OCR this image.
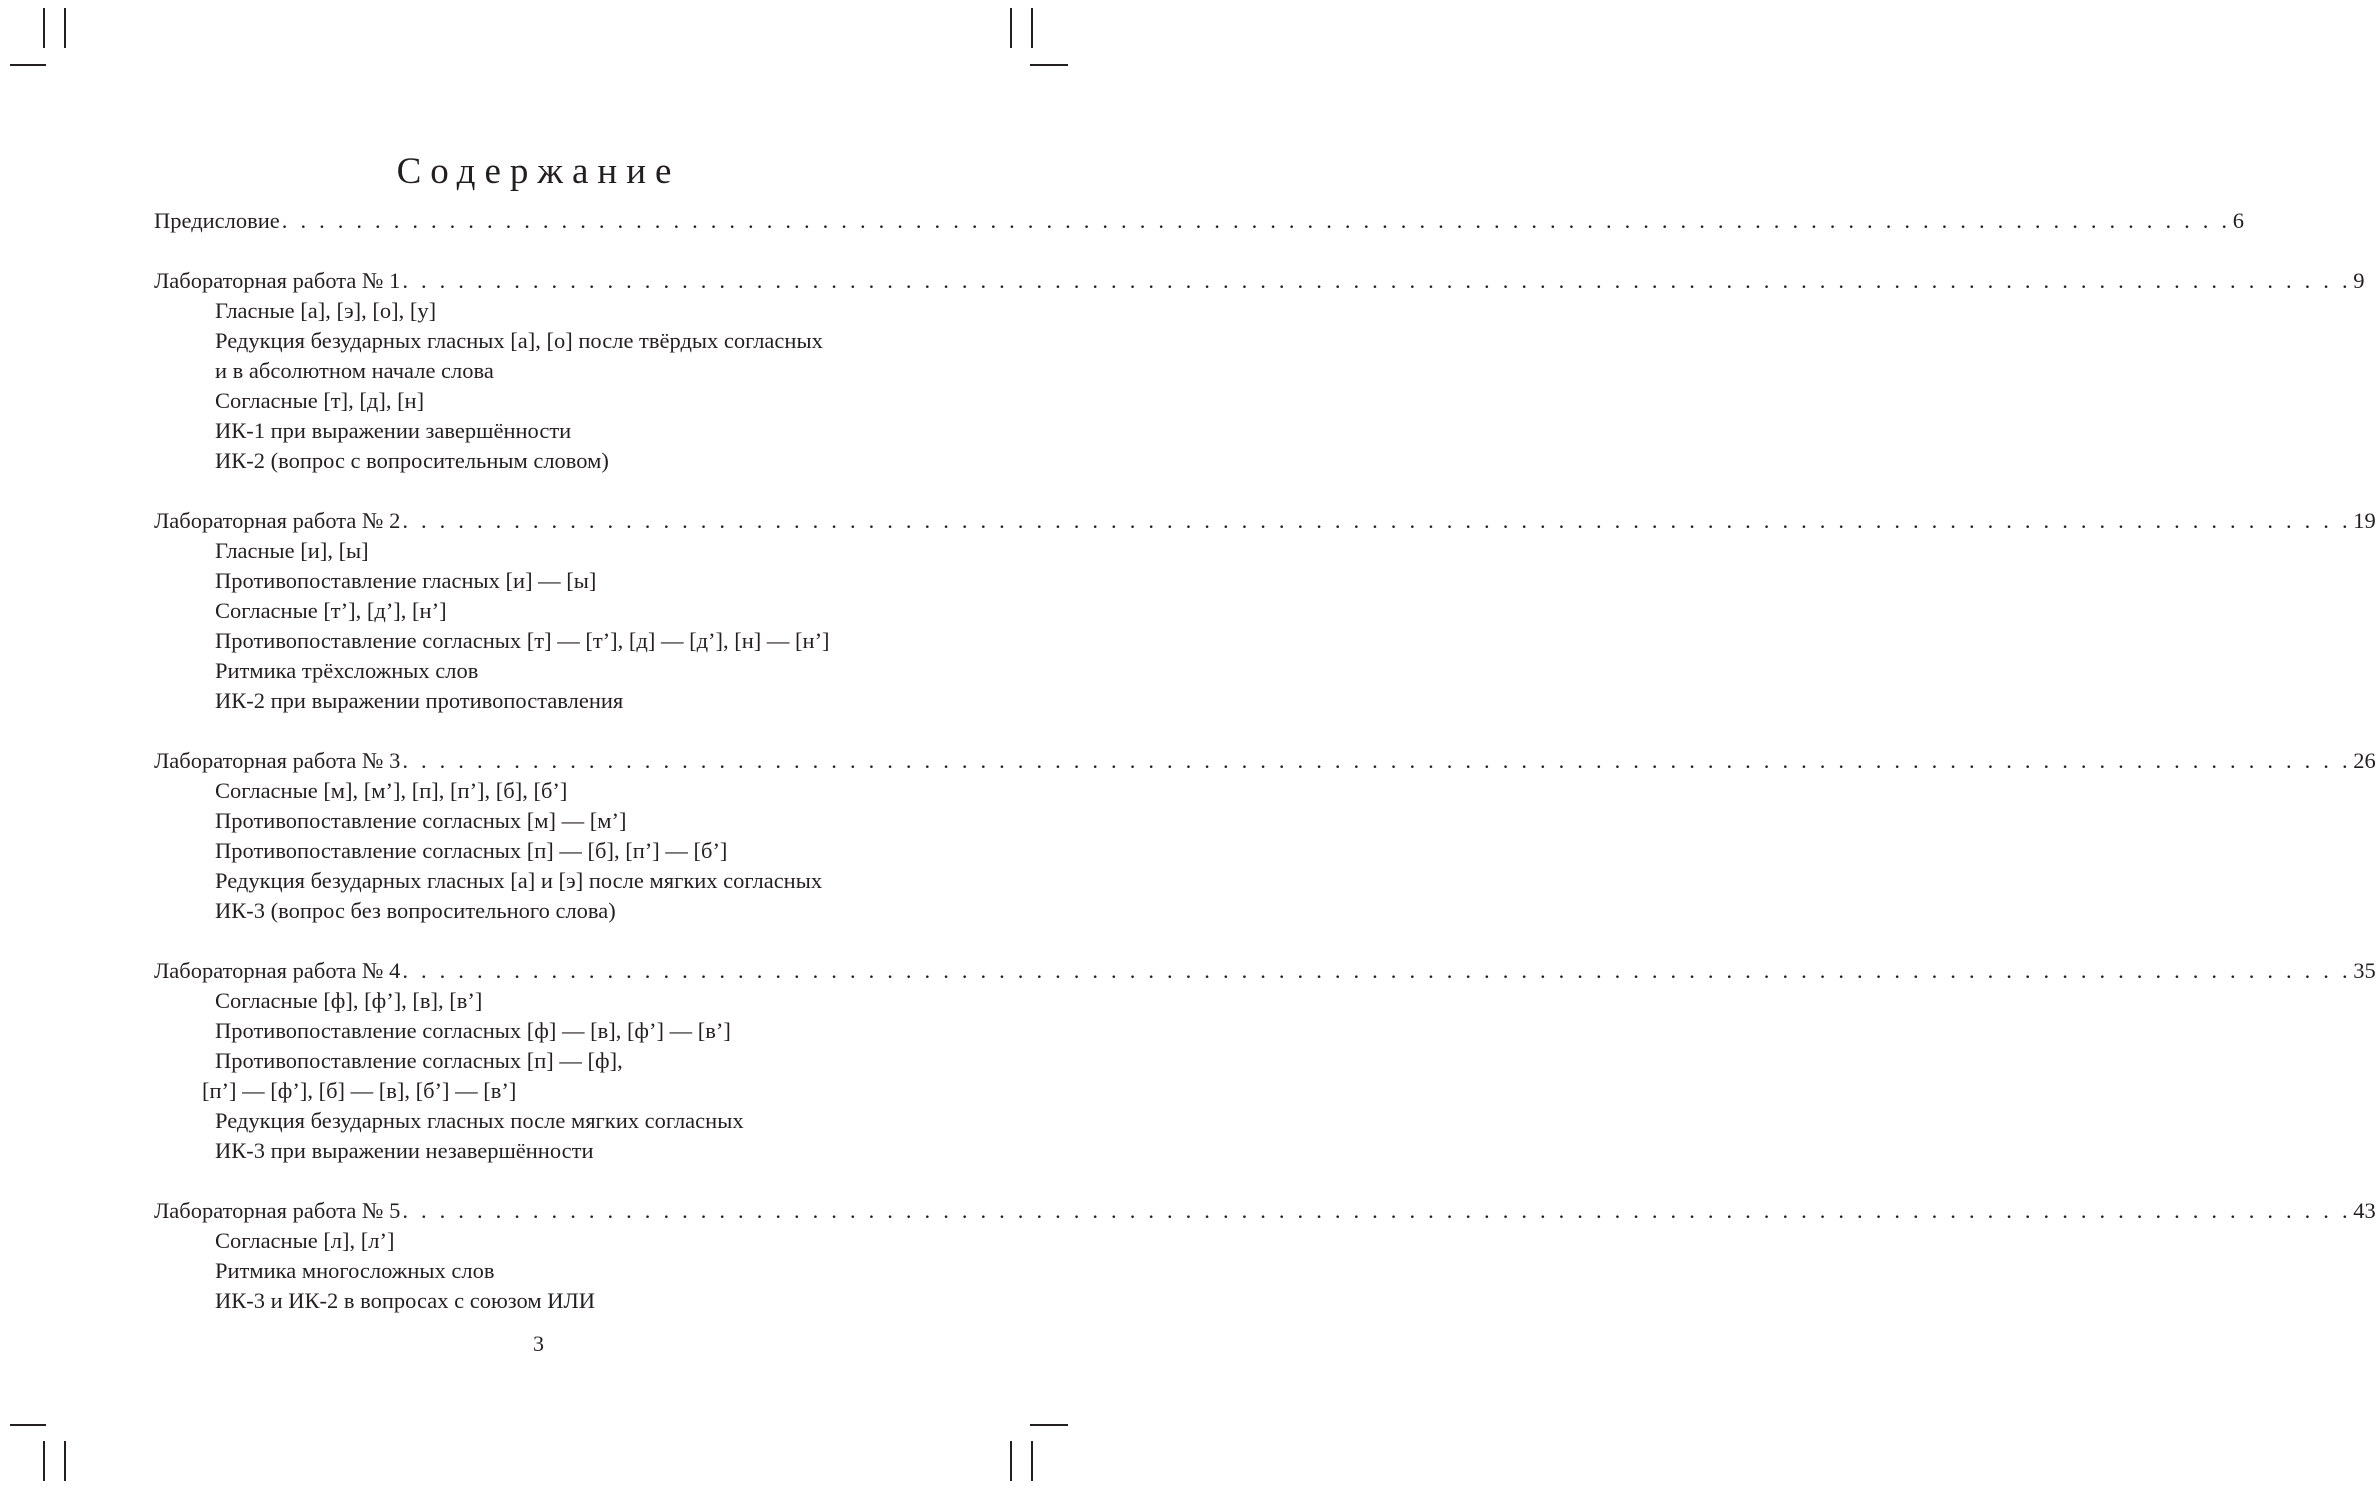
Содержание
Предисловие . . . . . . . . . . . . . . . . . . . . . . . . . . . . . . . . . . . . . . . . . . . . . . . . . . . . . . . . . . . . . . . . . . . . . . . . . . . . . . . . . . . . . . . . . . . . . . . . . . . . . . . . . 6
Лабораторная работа № 1 . . . . . . . . . . . . . . . . . . . . . . . . . . . . . . . . . . . . . . . . . . . . . . . . . . . . . . . . . . . . . . . . . . . . . . . . . . . . . . . . . . . . . . . . . . . . . . . . . . . . . . . . . 9
Гласные [а], [э], [о], [у]
Редукция безударных гласных [а], [о] после твёрдых согласных
и в абсолютном начале слова
Согласные [т], [д], [н]
ИК-1 при выражении завершённости
ИК-2 (вопрос с вопросительным словом)
Лабораторная работа № 2 . . . . . . . . . . . . . . . . . . . . . . . . . . . . . . . . . . . . . . . . . . . . . . . . . . . . . . . . . . . . . . . . . . . . . . . . . . . . . . . . . . . . . . . . . . . . . . . . . . . . . . . . . 19
Гласные [и], [ы]
Противопоставление гласных [и] — [ы]
Согласные [т’], [д’], [н’]
Противопоставление согласных [т] — [т’], [д] — [д’], [н] — [н’]
Ритмика трёхсложных слов
ИК-2 при выражении противопоставления
Лабораторная работа № 3 . . . . . . . . . . . . . . . . . . . . . . . . . . . . . . . . . . . . . . . . . . . . . . . . . . . . . . . . . . . . . . . . . . . . . . . . . . . . . . . . . . . . . . . . . . . . . . . . . . . . . . . . . 26
Согласные [м], [м’], [п], [п’], [б], [б’]
Противопоставление согласных [м] — [м’]
Противопоставление согласных [п] — [б], [п’] — [б’]
Редукция безударных гласных [а] и [э] после мягких согласных
ИК-3 (вопрос без вопросительного слова)
Лабораторная работа № 4 . . . . . . . . . . . . . . . . . . . . . . . . . . . . . . . . . . . . . . . . . . . . . . . . . . . . . . . . . . . . . . . . . . . . . . . . . . . . . . . . . . . . . . . . . . . . . . . . . . . . . . . . . 35
Согласные [ф], [ф’], [в], [в’]
Противопоставление согласных [ф] — [в], [ф’] — [в’]
Противопоставление согласных [п] — [ф],
[п’] — [ф’], [б] — [в], [б’] — [в’]
Редукция безударных гласных после мягких согласных
ИК-3 при выражении незавершённости
Лабораторная работа № 5 . . . . . . . . . . . . . . . . . . . . . . . . . . . . . . . . . . . . . . . . . . . . . . . . . . . . . . . . . . . . . . . . . . . . . . . . . . . . . . . . . . . . . . . . . . . . . . . . . . . . . . . . . 43
Согласные [л], [л’]
Ритмика многосложных слов
ИК-3 и ИК-2 в вопросах с союзом ИЛИ
3
